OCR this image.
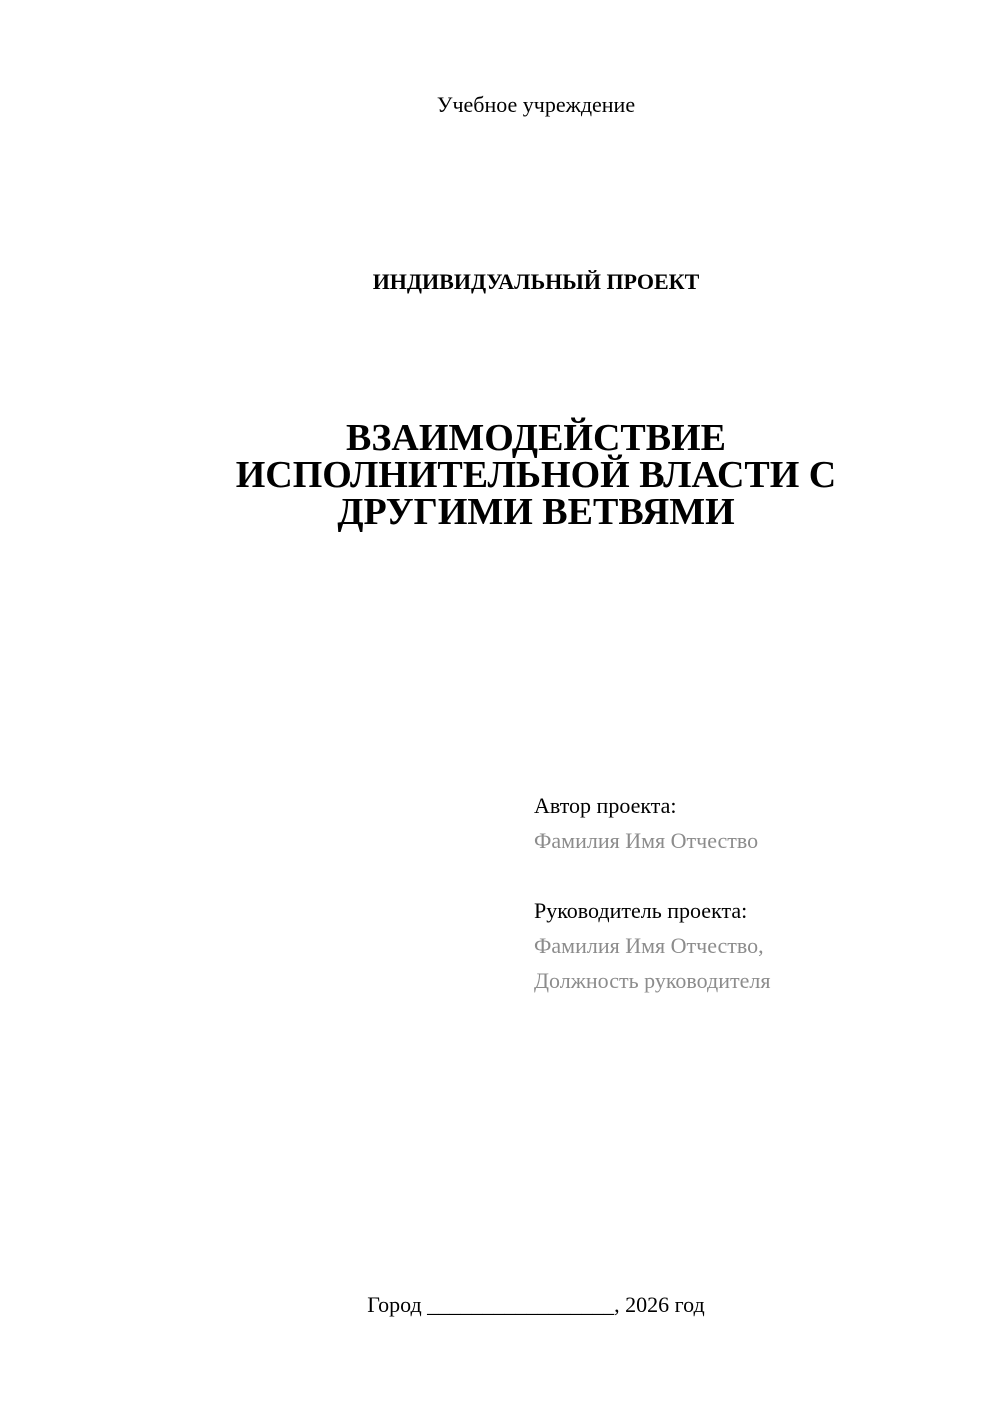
Учебное учреждение
ИНДИВИДУАЛЬНЫЙ ПРОЕКТ
ВЗАИМОДЕЙСТВИЕ
ИСПОЛНИТЕЛЬНОЙ ВЛАСТИ С
ДРУГИМИ ВЕТВЯМИ
Автор проекта:
Фамилия Имя Отчество
Руководитель проекта:
Фамилия Имя Отчество,
Должность руководителя
Город _________________, 2026 год
